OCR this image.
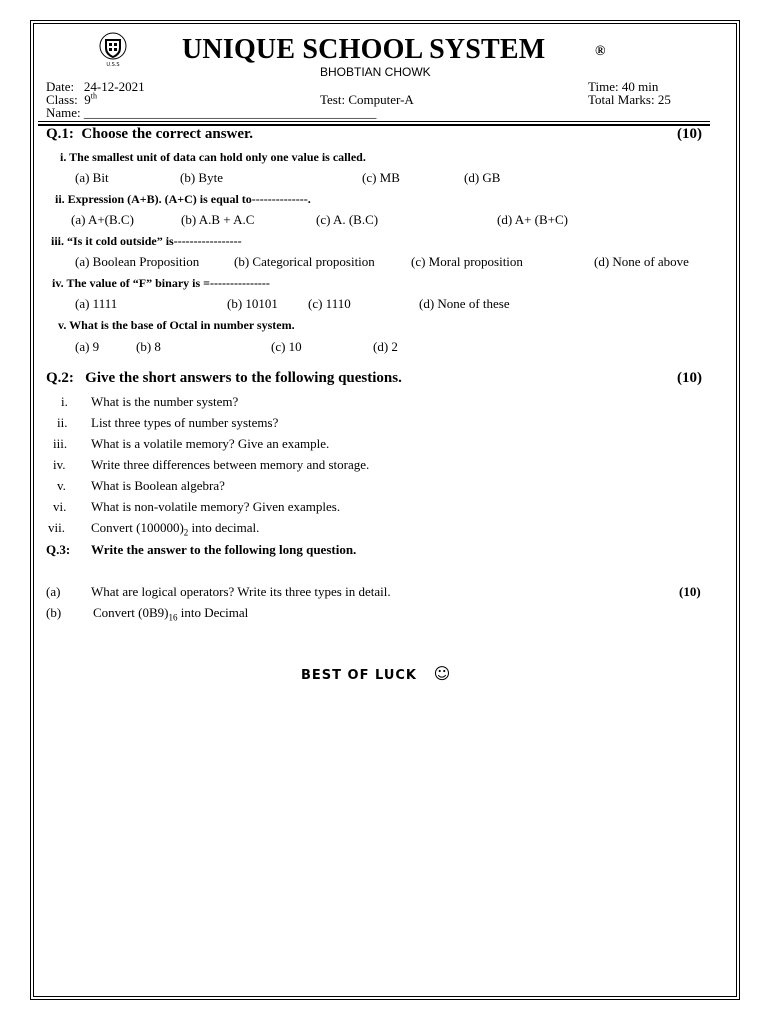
U.S.S UNIQUE SCHOOL SYSTEM	®
BHOBTIAN CHOWK
Date: 24-12-2021
Class: 9th
Name: _____________________________________________
Test: Computer-A
Time: 40 min
Total Marks: 25
Q.1: Choose the correct answer.	(10)
i. The smallest unit of data can hold only one value is called.
(a) Bit	(b) Byte	(c) MB	(d) GB
ii. Expression (A+B). (A+C) is equal to--------------.
(a) A+(B.C)	(b) A.B + A.C	(c) A. (B.C)	(d) A+ (B+C)
iii. “Is it cold outside” is-----------------
(a) Boolean Proposition	(b) Categorical proposition	(c) Moral proposition	(d) None of above
iv. The value of “F” binary is =---------------
(a) 1111	(b) 10101 (c) 1110	(d) None of these
v. What is the base of Octal in number system.
(a) 9	(b) 8	(c) 10	(d) 2
Q.2: Give the short answers to the following questions.	(10)
i. What is the number system?
ii. List three types of number systems?
iii. What is a volatile memory? Give an example.
iv. Write three differences between memory and storage.
v. What is Boolean algebra?
vi. What is non-volatile memory? Given examples.
vii. Convert $(100000)_2$ into decimal.
Q.3: Write the answer to the following long question.
(a) What are logical operators? Write its three types in detail.	(10)
(b) Convert $(0B9)_{16}$ into Decimal
BEST OF LUCK ☺
